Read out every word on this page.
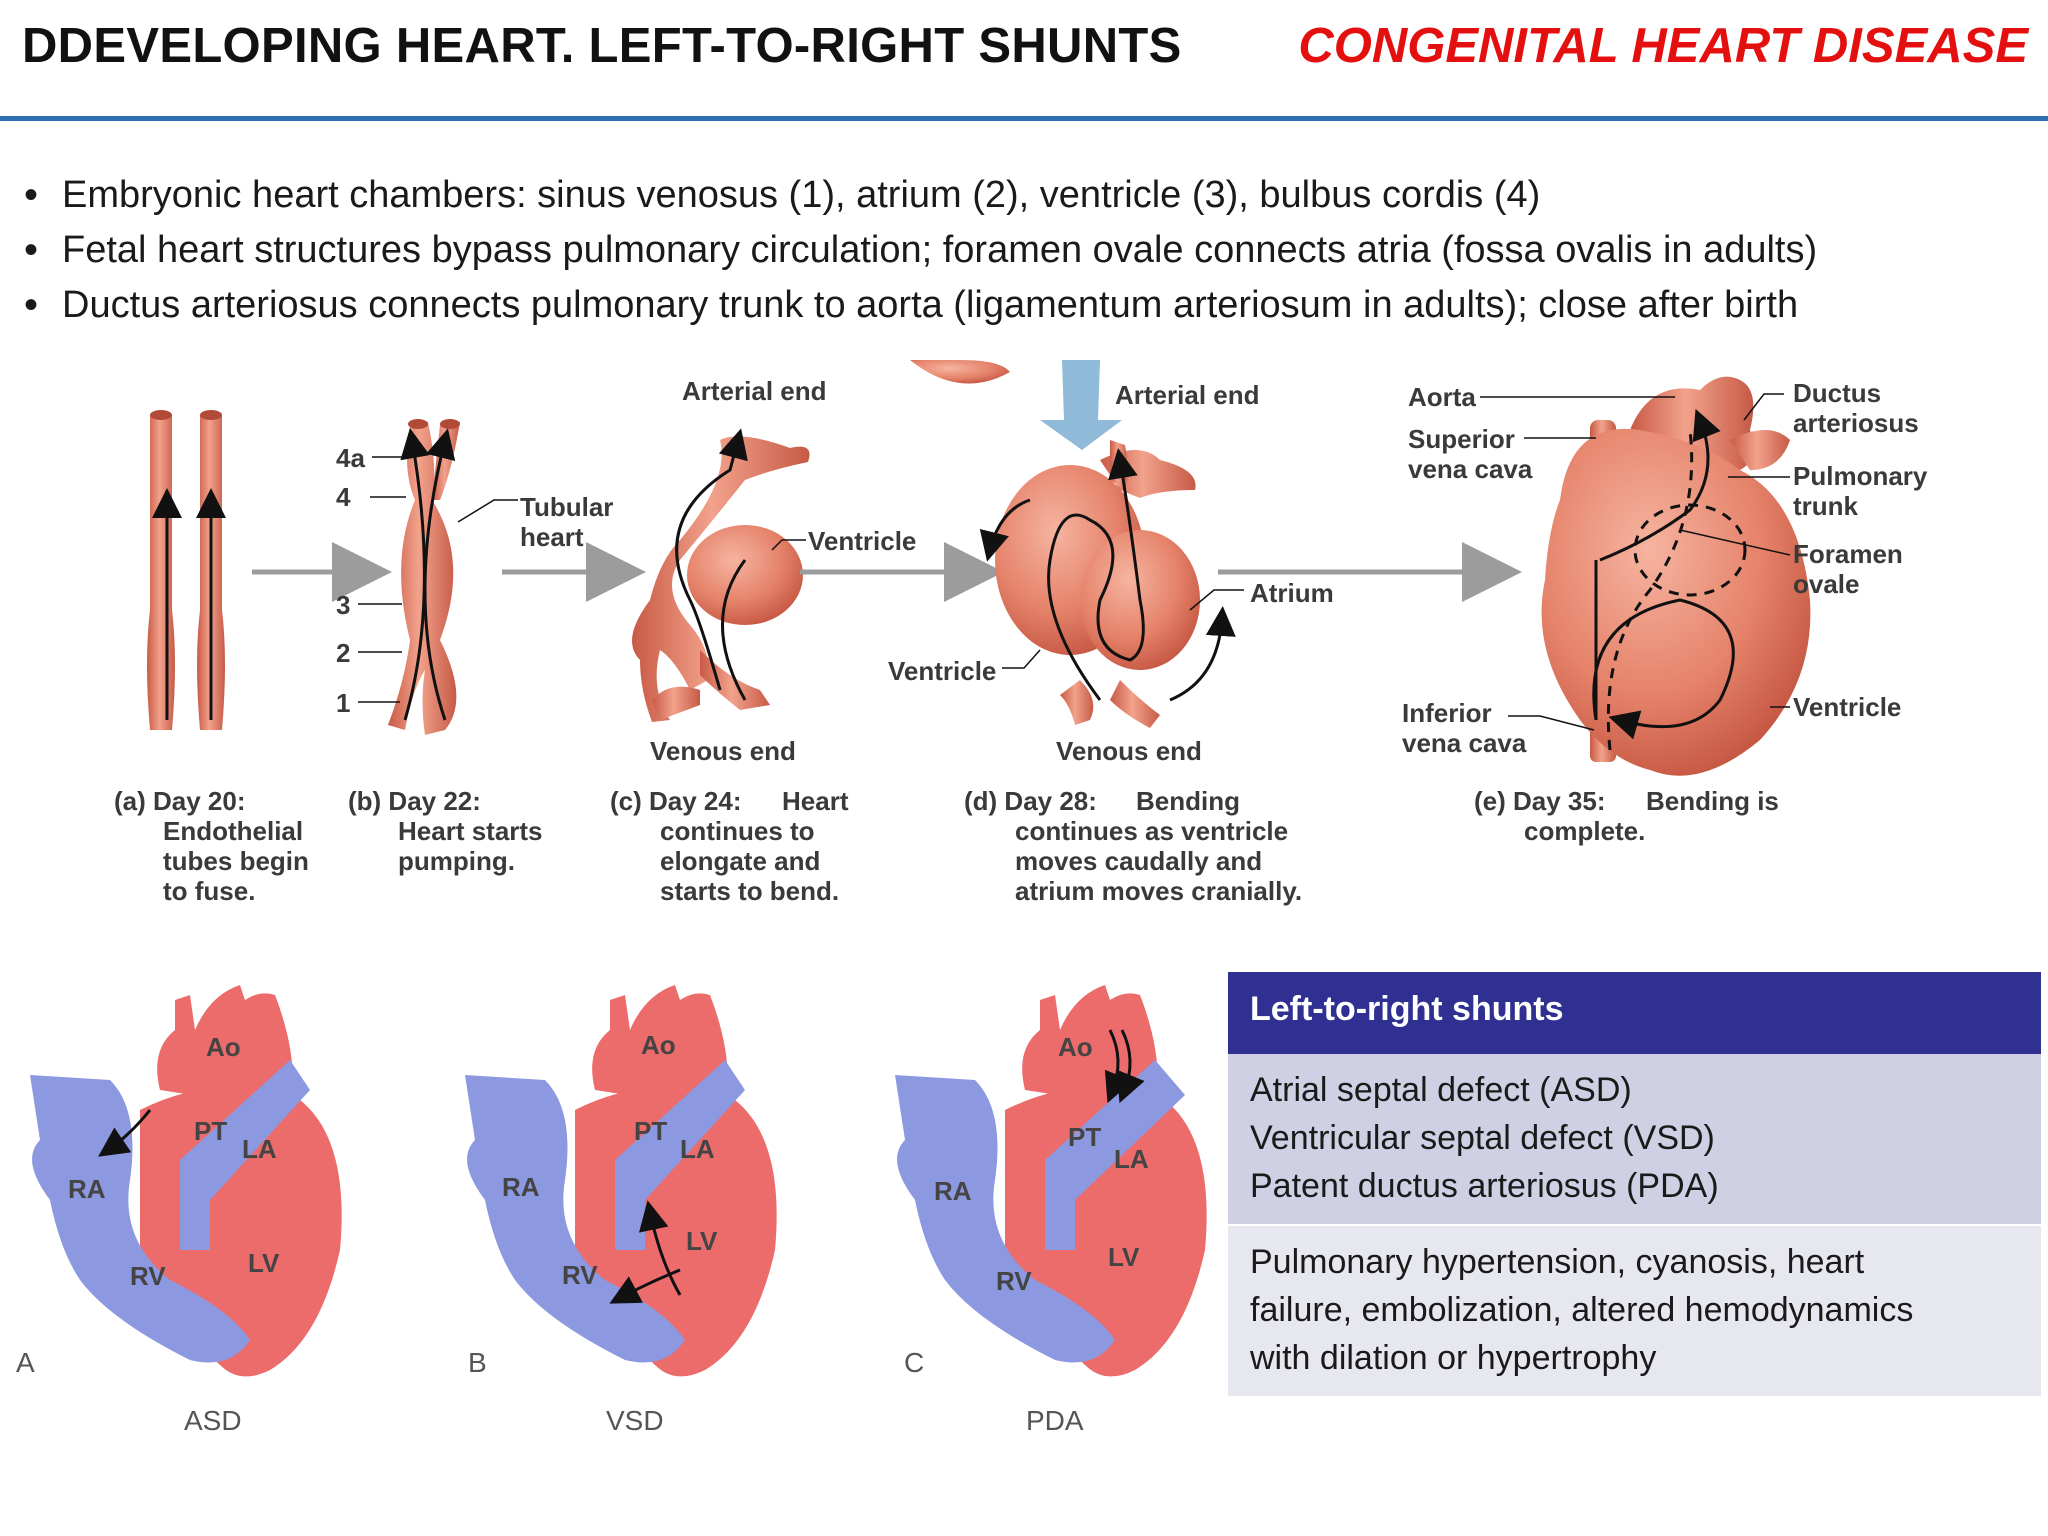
DDEVELOPING HEART. LEFT-TO-RIGHT SHUNTS CONGENITAL HEART DISEASE
• Embryonic heart chambers: sinus venosus (1), atrium (2), ventricle (3), bulbus cordis (4)
• Fetal heart structures bypass pulmonary circulation; foramen ovale connects atria (fossa ovalis in adults)
• Ductus arteriosus connects pulmonary trunk to aorta (ligamentum arteriosum in adults); close after birth
4a
4
3
2
1
Tubular
heart
Arterial end
Ventricle
Venous end
Arterial end
Atrium
Ventricle
Venous end
Aorta
Superior
vena cava
Inferior
vena cava
Ductus
arteriosus
Pulmonary
trunk
Foramen
ovale
Ventricle
(a) Day 20:
Endothelial
tubes begin
to fuse.
(b) Day 22:
Heart starts
pumping.
(c) Day 24: Heart
continues to
elongate and
starts to bend.
(d) Day 28: Bending
continues as ventricle
moves caudally and
atrium moves cranially.
(e) Day 35: Bending is
complete.
Ao
PT
LA
RA
RV	LV
A
ASD
Ao
PT
LA
RA
RV
LV
B
VSD
Ao
PT
LA
RA
RV
LV
C
PDA
Left-to-right shunts
Atrial septal defect (ASD)
Ventricular septal defect (VSD)
Patent ductus arteriosus (PDA)
Pulmonary hypertension, cyanosis, heart
failure, embolization, altered hemodynamics
with dilation or hypertrophy
